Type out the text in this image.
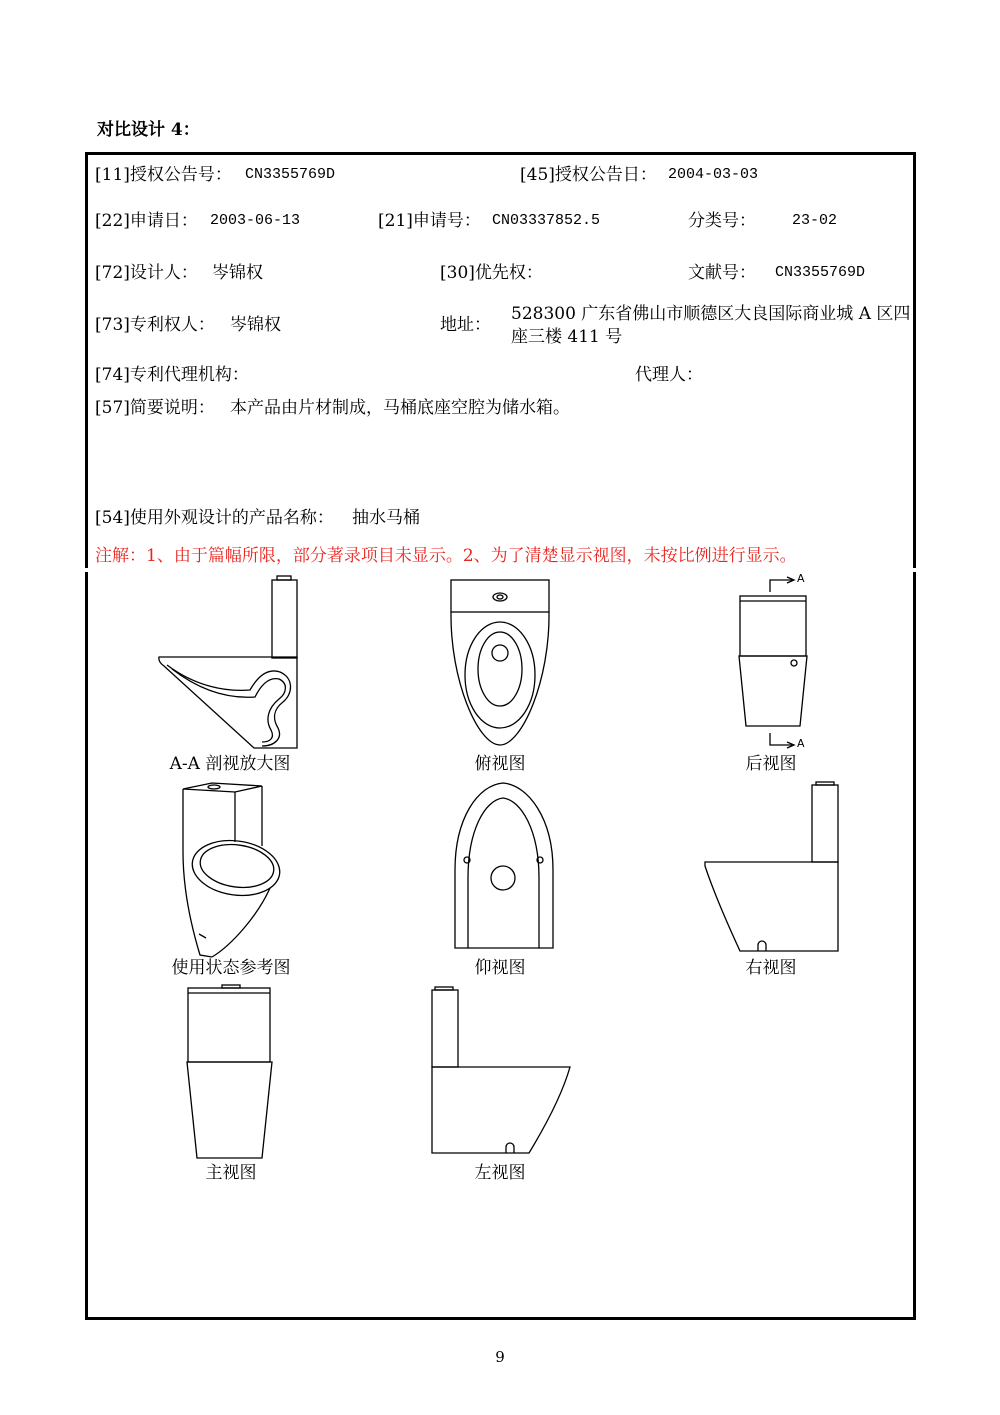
对比设计 4：
[11]授权公告号： CN3355769D	[45]授权公告日： 2004-03-03
[22]申请日： 2003-06-13	[21]申请号： CN03337852.5	分类号： 23-02
[72]设计人： 岑锦权	[30]优先权：	文献号： CN3355769D
[73]专利权人： 岑锦权	地址：
528300 广东省佛山市顺德区大良国际商业城 A 区四
座三楼 411 号
[74]专利代理机构：	代理人：
[57]简要说明： 本产品由片材制成，马桶底座空腔为储水箱。
[54]使用外观设计的产品名称： 抽水马桶
注解：1、由于篇幅所限，部分著录项目未显示。2、为了清楚显示视图，未按比例进行显示。
A
A
A-A 剖视放大图	俯视图	后视图
使用状态参考图	仰视图	右视图
主视图	左视图
9
